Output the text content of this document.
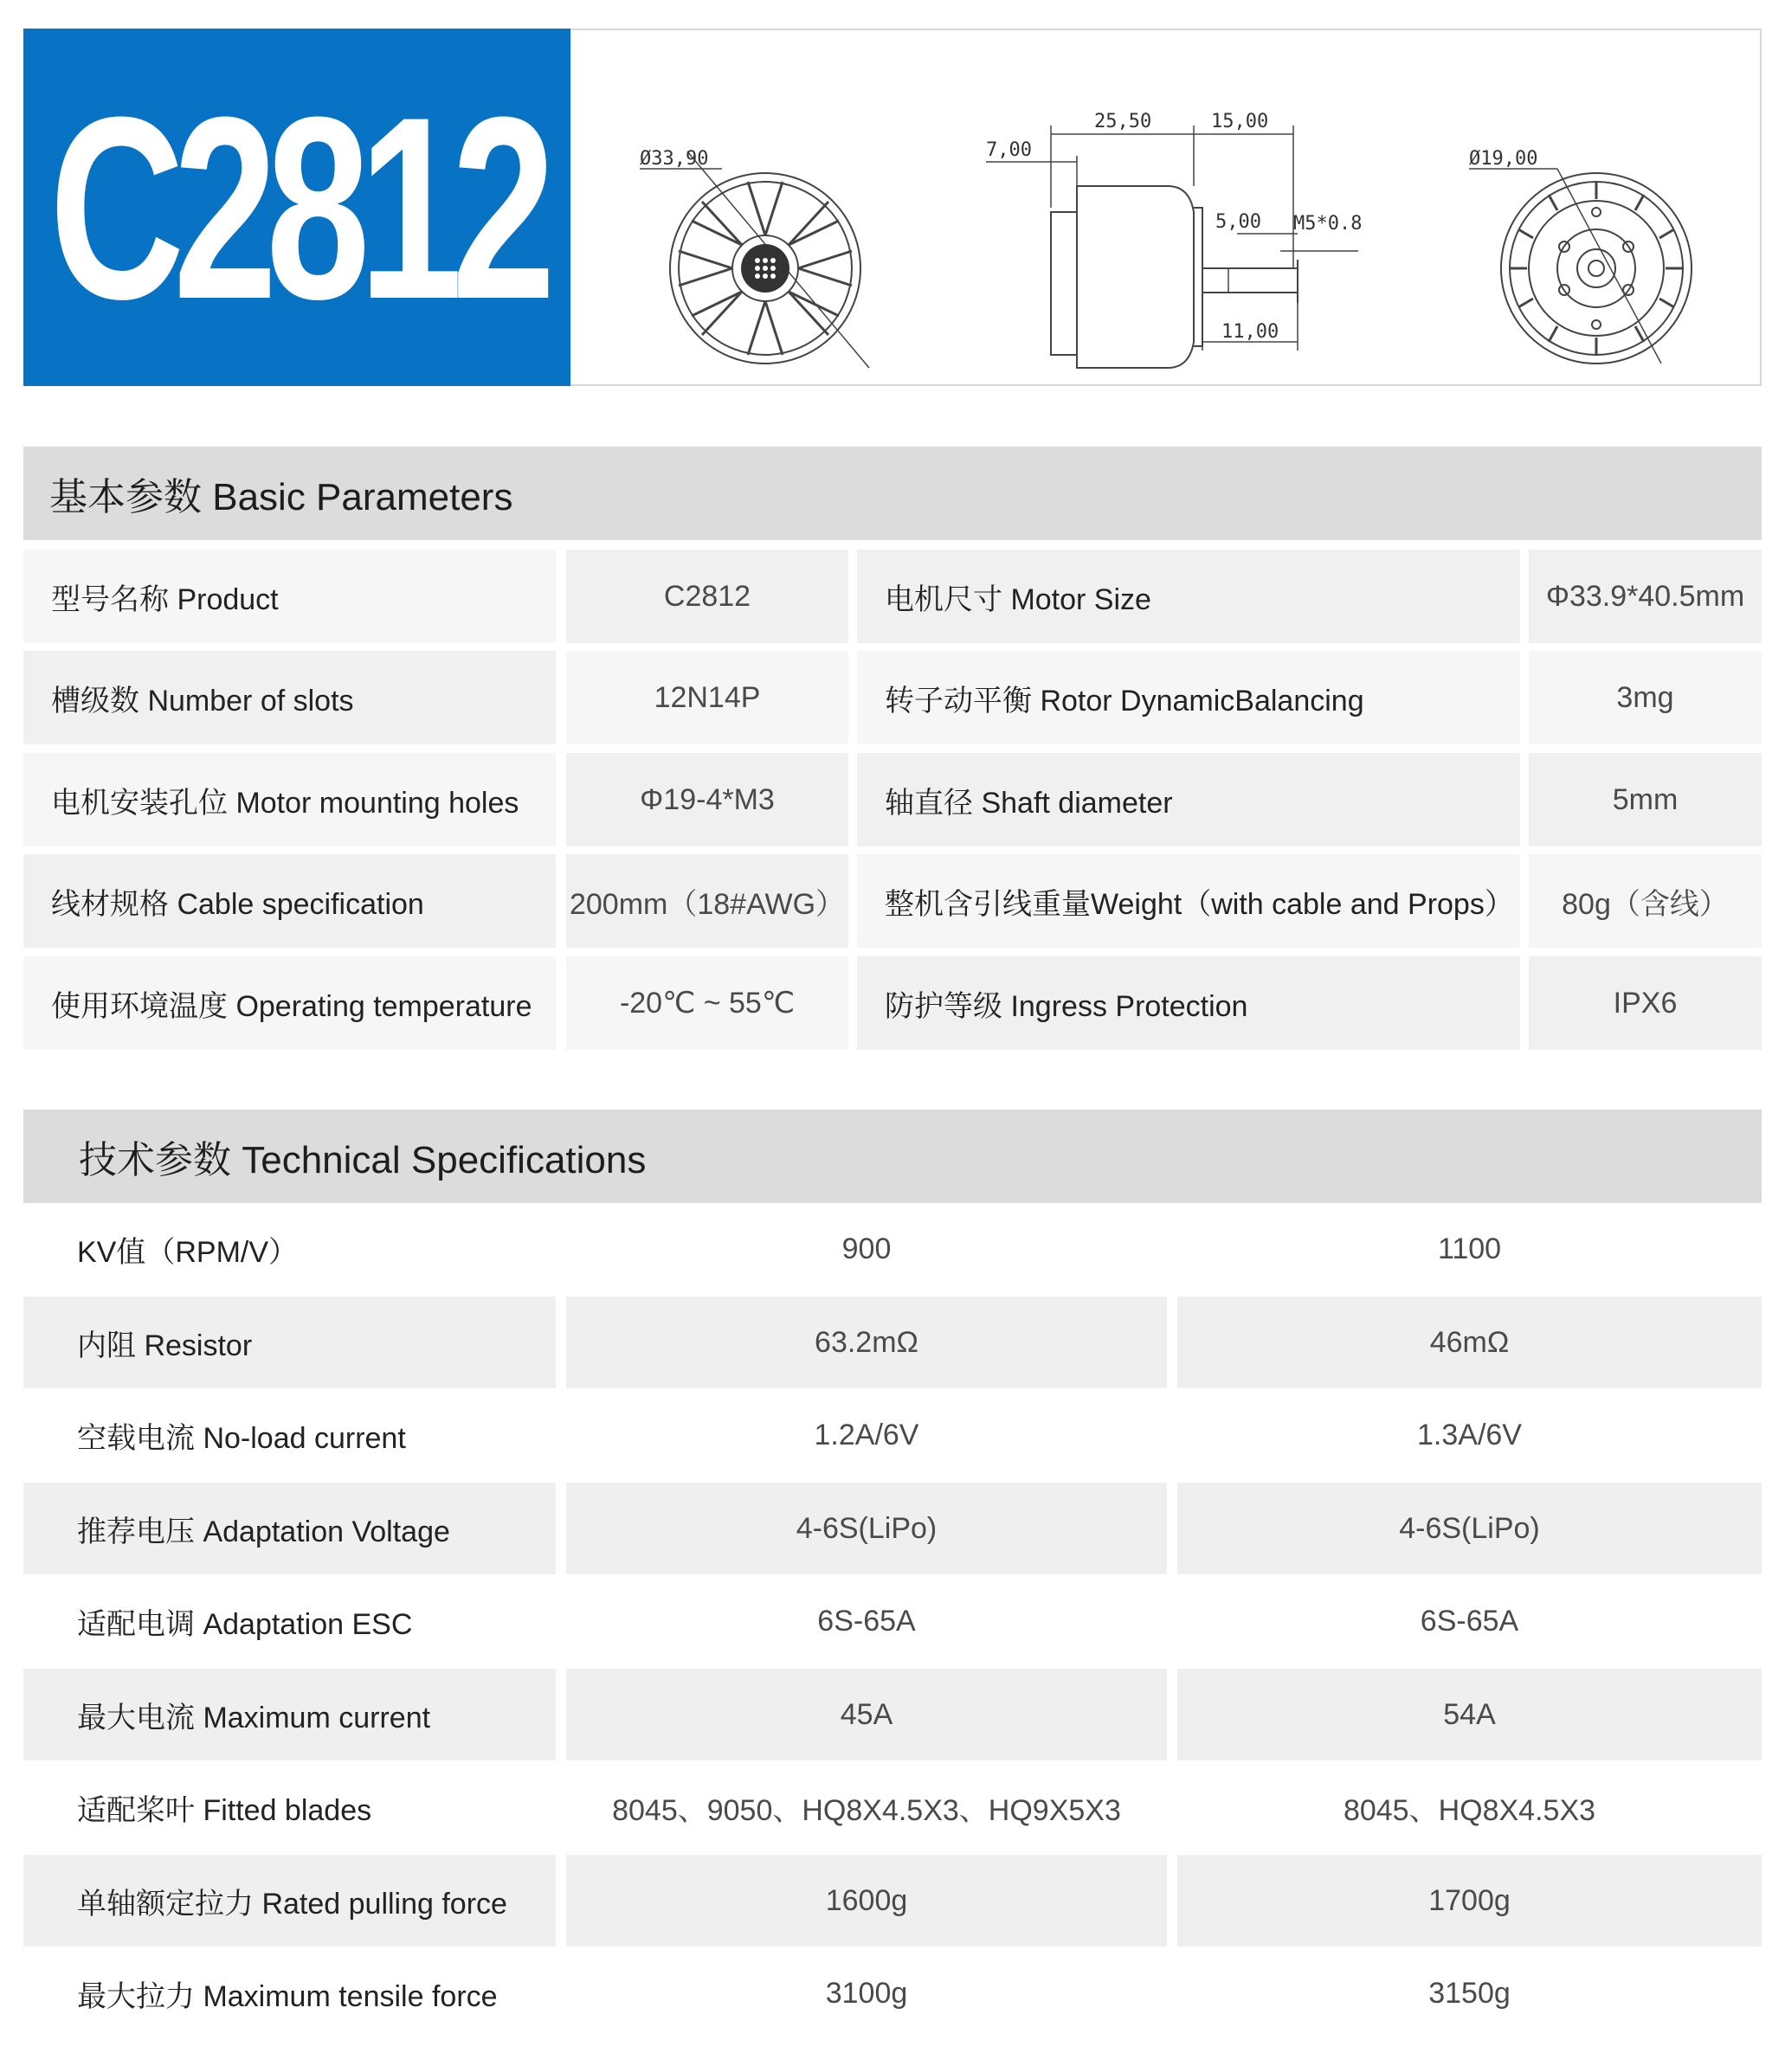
C2812	Ø33,90
25,50	15,00
7,00
5,00 M5*0.8
11,00
Ø19,00
基本参数 Basic Parameters
型号名称 Product	C2812	电机尺寸 Motor Size	Φ33.9*40.5mm
槽级数 Number of slots	12N14P	转子动平衡 Rotor DynamicBalancing	3mg
电机安装孔位 Motor mounting holes	Φ19-4*M3	轴直径 Shaft diameter	5mm
线材规格 Cable specification	200mm（18#AWG）	整机含引线重量Weight（with cable and Props）	80g（含线）
使用环境温度 Operating temperature	-20℃ ~ 55℃	防护等级 Ingress Protection	IPX6
技术参数 Technical Specifications
KV值（RPM/V）	900	1100
内阻 Resistor	63.2mΩ	46mΩ
空载电流 No-load current	1.2A/6V	1.3A/6V
推荐电压 Adaptation Voltage	4-6S(LiPo)	4-6S(LiPo)
适配电调 Adaptation ESC	6S-65A	6S-65A
最大电流 Maximum current	45A	54A
适配桨叶 Fitted blades	8045、9050、HQ8X4.5X3、HQ9X5X3	8045、HQ8X4.5X3
单轴额定拉力 Rated pulling force	1600g	1700g
最大拉力 Maximum tensile force	3100g	3150g
